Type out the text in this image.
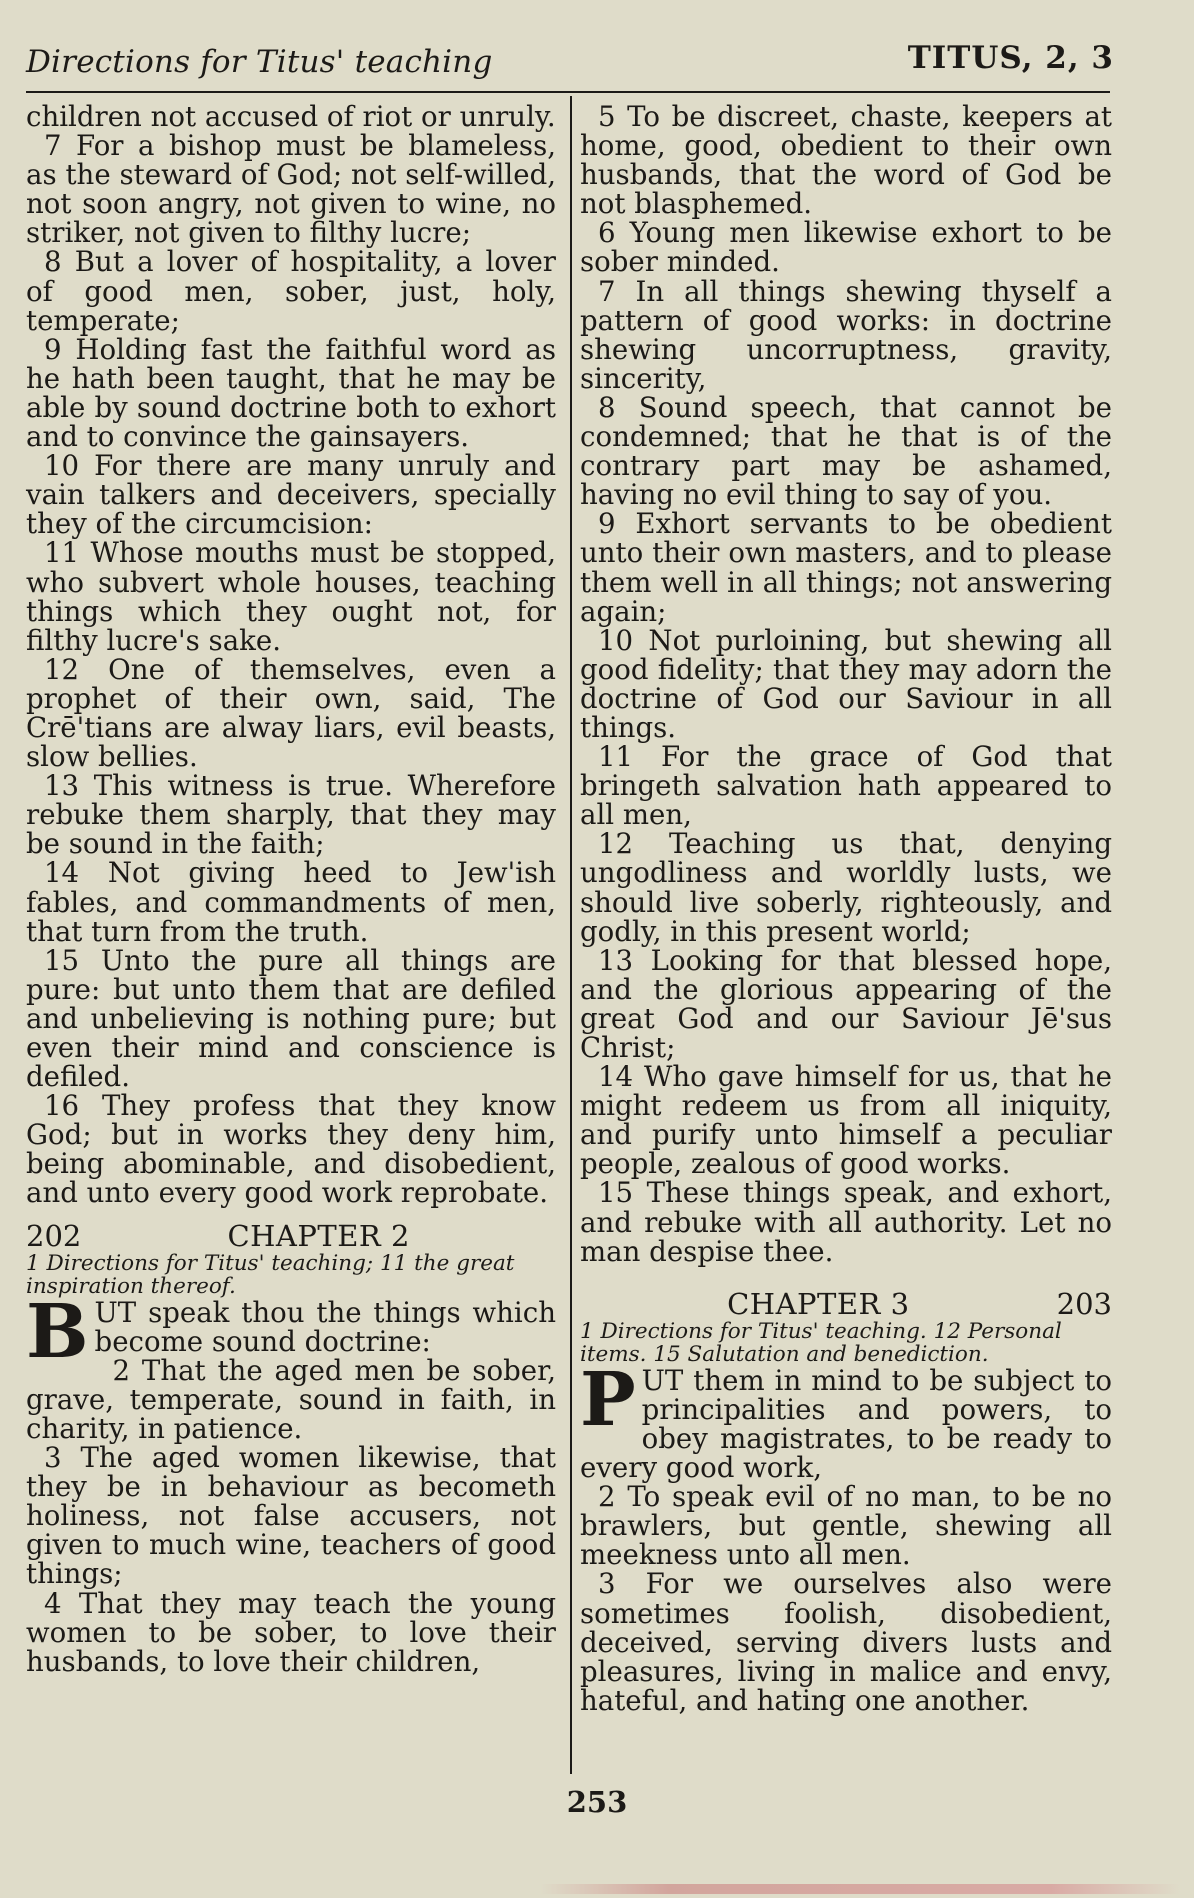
Directions for Titus' teaching	TITUS, 2, 3

children not accused of riot or unruly.

7 For a bishop must be blameless, as the steward of God; not self-willed, not soon angry, not given to wine, no striker, not given to filthy lucre;

8 But a lover of hospitality, a lover of good men, sober, just, holy, temperate;

9 Holding fast the faithful word as he hath been taught, that he may be able by sound doctrine both to exhort and to convince the gainsayers.

10 For there are many unruly and vain talkers and deceivers, specially they of the circumcision:

11 Whose mouths must be stopped, who subvert whole houses, teaching things which they ought not, for filthy lucre's sake.

12 One of themselves, even a prophet of their own, said, The Crē'tians are alway liars, evil beasts, slow bellies.

13 This witness is true. Wherefore rebuke them sharply, that they may be sound in the faith;

14 Not giving heed to Jew'ish fables, and commandments of men, that turn from the truth.

15 Unto the pure all things are pure: but unto them that are defiled and unbelieving is nothing pure; but even their mind and conscience is defiled.

16 They profess that they know God; but in works they deny him, being abominable, and disobedient, and unto every good work reprobate.

202	CHAPTER 2

1 Directions for Titus' teaching; 11 the great inspiration thereof.

B UT speak thou the things which become sound doctrine:

2 That the aged men be sober, grave, temperate, sound in faith, in charity, in patience.

3 The aged women likewise, that they be in behaviour as becometh holiness, not false accusers, not given to much wine, teachers of good things;

4 That they may teach the young women to be sober, to love their husbands, to love their children,

5 To be discreet, chaste, keepers at home, good, obedient to their own husbands, that the word of God be not blasphemed.

6 Young men likewise exhort to be sober minded.

7 In all things shewing thyself a pattern of good works: in doctrine shewing uncorruptness, gravity, sincerity,

8 Sound speech, that cannot be condemned; that he that is of the contrary part may be ashamed, having no evil thing to say of you.

9 Exhort servants to be obedient unto their own masters, and to please them well in all things; not answering again;

10 Not purloining, but shewing all good fidelity; that they may adorn the doctrine of God our Saviour in all things.

11 For the grace of God that bringeth salvation hath appeared to all men,

12 Teaching us that, denying ungodliness and worldly lusts, we should live soberly, righteously, and godly, in this present world;

13 Looking for that blessed hope, and the glorious appearing of the great God and our Saviour Jē'sus Christ;

14 Who gave himself for us, that he might redeem us from all iniquity, and purify unto himself a peculiar people, zealous of good works.

15 These things speak, and exhort, and rebuke with all authority. Let no man despise thee.

CHAPTER 3	203

1 Directions for Titus' teaching. 12 Personal items. 15 Salutation and benediction.

P UT them in mind to be subject to principalities and powers, to obey magistrates, to be ready to every good work,

2 To speak evil of no man, to be no brawlers, but gentle, shewing all meekness unto all men.

3 For we ourselves also were sometimes foolish, disobedient, deceived, serving divers lusts and pleasures, living in malice and envy, hateful, and hating one another.

253
